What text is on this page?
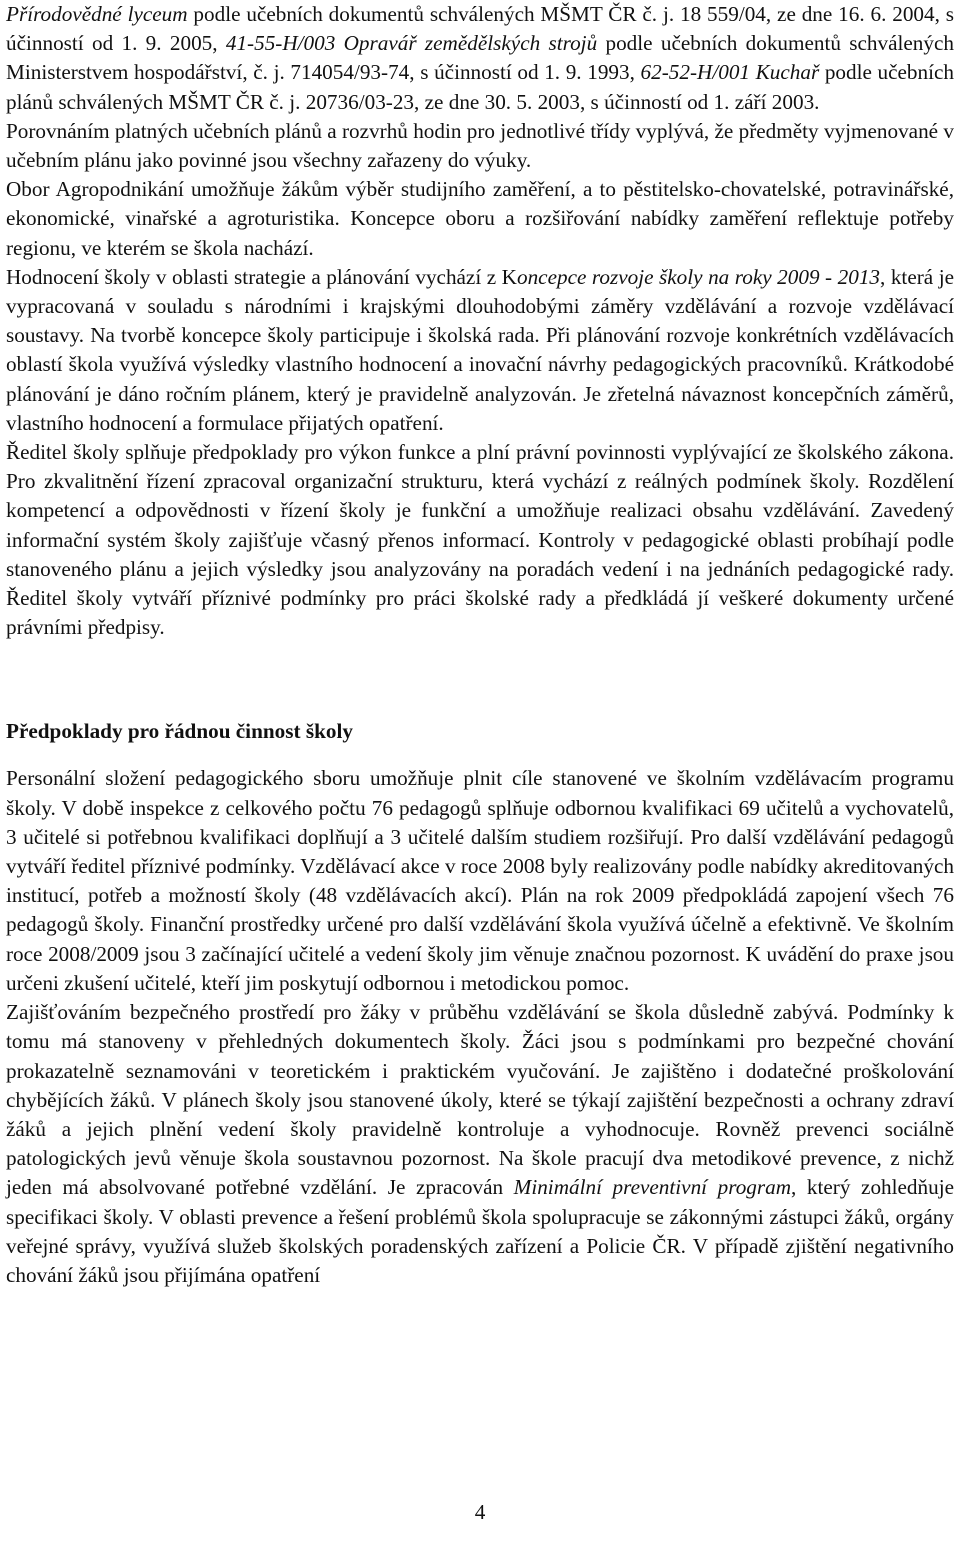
Přírodovědné lyceum podle učebních dokumentů schválených MŠMT ČR č. j. 18 559/04, ze dne 16. 6. 2004, s účinností od 1. 9. 2005, 41-55-H/003 Opravář zemědělských strojů podle učebních dokumentů schválených Ministerstvem hospodářství, č. j. 714054/93-74, s účinností od 1. 9. 1993, 62-52-H/001 Kuchař podle učebních plánů schválených MŠMT ČR č. j. 20736/03-23, ze dne 30. 5. 2003, s účinností od 1. září 2003.

Porovnáním platných učebních plánů a rozvrhů hodin pro jednotlivé třídy vyplývá, že předměty vyjmenované v učebním plánu jako povinné jsou všechny zařazeny do výuky.

Obor Agropodnikání umožňuje žákům výběr studijního zaměření, a to pěstitelsko-chovatelské, potravinářské, ekonomické, vinařské a agroturistika. Koncepce oboru a rozšiřování nabídky zaměření reflektuje potřeby regionu, ve kterém se škola nachází.

Hodnocení školy v oblasti strategie a plánování vychází z Koncepce rozvoje školy na roky 2009 - 2013, která je vypracovaná v souladu s národními i krajskými dlouhodobými záměry vzdělávání a rozvoje vzdělávací soustavy. Na tvorbě koncepce školy participuje i školská rada. Při plánování rozvoje konkrétních vzdělávacích oblastí škola využívá výsledky vlastního hodnocení a inovační návrhy pedagogických pracovníků. Krátkodobé plánování je dáno ročním plánem, který je pravidelně analyzován. Je zřetelná návaznost koncepčních záměrů, vlastního hodnocení a formulace přijatých opatření.

Ředitel školy splňuje předpoklady pro výkon funkce a plní právní povinnosti vyplývající ze školského zákona. Pro zkvalitnění řízení zpracoval organizační strukturu, která vychází z reálných podmínek školy. Rozdělení kompetencí a odpovědnosti v řízení školy je funkční a umožňuje realizaci obsahu vzdělávání. Zavedený informační systém školy zajišťuje včasný přenos informací. Kontroly v pedagogické oblasti probíhají podle stanoveného plánu a jejich výsledky jsou analyzovány na poradách vedení i na jednáních pedagogické rady. Ředitel školy vytváří příznivé podmínky pro práci školské rady a předkládá jí veškeré dokumenty určené právními předpisy.

Předpoklady pro řádnou činnost školy

Personální složení pedagogického sboru umožňuje plnit cíle stanovené ve školním vzdělávacím programu školy. V době inspekce z celkového počtu 76 pedagogů splňuje odbornou kvalifikaci 69 učitelů a vychovatelů, 3 učitelé si potřebnou kvalifikaci doplňují a 3 učitelé dalším studiem rozšiřují. Pro další vzdělávání pedagogů vytváří ředitel příznivé podmínky. Vzdělávací akce v roce 2008 byly realizovány podle nabídky akreditovaných institucí, potřeb a možností školy (48 vzdělávacích akcí). Plán na rok 2009 předpokládá zapojení všech 76 pedagogů školy. Finanční prostředky určené pro další vzdělávání škola využívá účelně a efektivně. Ve školním roce 2008/2009 jsou 3 začínající učitelé a vedení školy jim věnuje značnou pozornost. K uvádění do praxe jsou určeni zkušení učitelé, kteří jim poskytují odbornou i metodickou pomoc.

Zajišťováním bezpečného prostředí pro žáky v průběhu vzdělávání se škola důsledně zabývá. Podmínky k tomu má stanoveny v přehledných dokumentech školy. Žáci jsou s podmínkami pro bezpečné chování prokazatelně seznamováni v teoretickém i praktickém vyučování. Je zajištěno i dodatečné proškolování chybějících žáků. V plánech školy jsou stanovené úkoly, které se týkají zajištění bezpečnosti a ochrany zdraví žáků a jejich plnění vedení školy pravidelně kontroluje a vyhodnocuje. Rovněž prevenci sociálně patologických jevů věnuje škola soustavnou pozornost. Na škole pracují dva metodikové prevence, z nichž jeden má absolvované potřebné vzdělání. Je zpracován Minimální preventivní program, který zohledňuje specifikaci školy. V oblasti prevence a řešení problémů škola spolupracuje se zákonnými zástupci žáků, orgány veřejné správy, využívá služeb školských poradenských zařízení a Policie ČR. V případě zjištění negativního chování žáků jsou přijímána opatření

4
